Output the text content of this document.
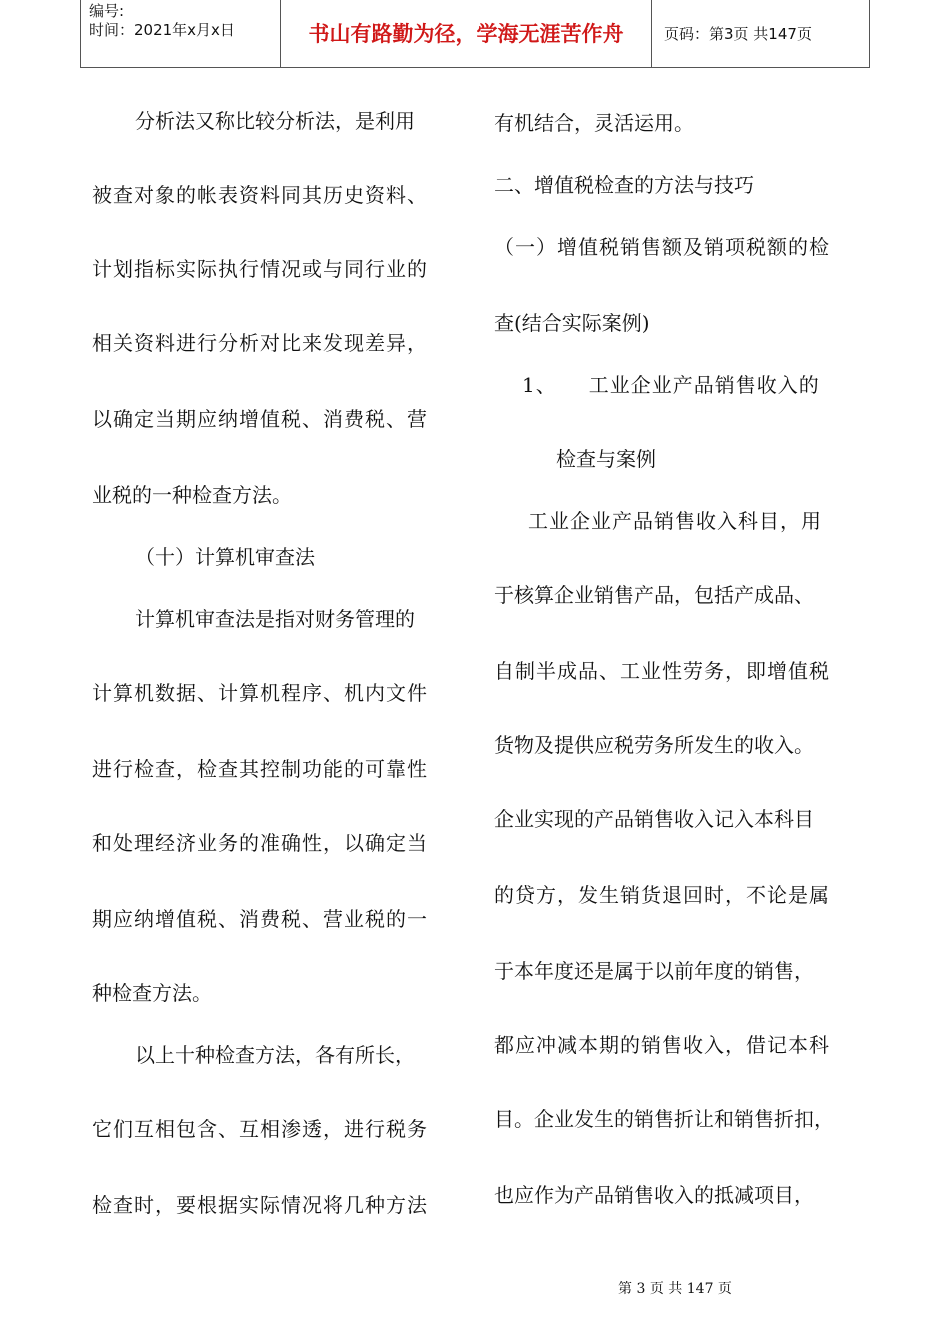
编号:
时间：2021年x月x日	书山有路勤为径，学海无涯苦作舟	页码：第3页 共147页
分析法又称比较分析法，是利用
被查对象的帐表资料同其历史资料、
计划指标实际执行情况或与同行业的
相关资料进行分析对比来发现差异，
以确定当期应纳增值税、消费税、营
业税的一种检查方法。
（十）计算机审查法
计算机审查法是指对财务管理的
计算机数据、计算机程序、机内文件
进行检查，检查其控制功能的可靠性
和处理经济业务的准确性，以确定当
期应纳增值税、消费税、营业税的一
种检查方法。
以上十种检查方法，各有所长，
它们互相包含、互相渗透，进行税务
检查时，要根据实际情况将几种方法
有机结合，灵活运用。
二、增值税检查的方法与技巧
（一）增值税销售额及销项税额的检
查(结合实际案例)
1、　　工业企业产品销售收入的
检查与案例
工业企业产品销售收入科目，用
于核算企业销售产品，包括产成品、
自制半成品、工业性劳务，即增值税
货物及提供应税劳务所发生的收入。
企业实现的产品销售收入记入本科目
的贷方，发生销货退回时，不论是属
于本年度还是属于以前年度的销售，
都应冲减本期的销售收入，借记本科
目。企业发生的销售折让和销售折扣，
也应作为产品销售收入的抵减项目，
第 3 页 共 147 页
